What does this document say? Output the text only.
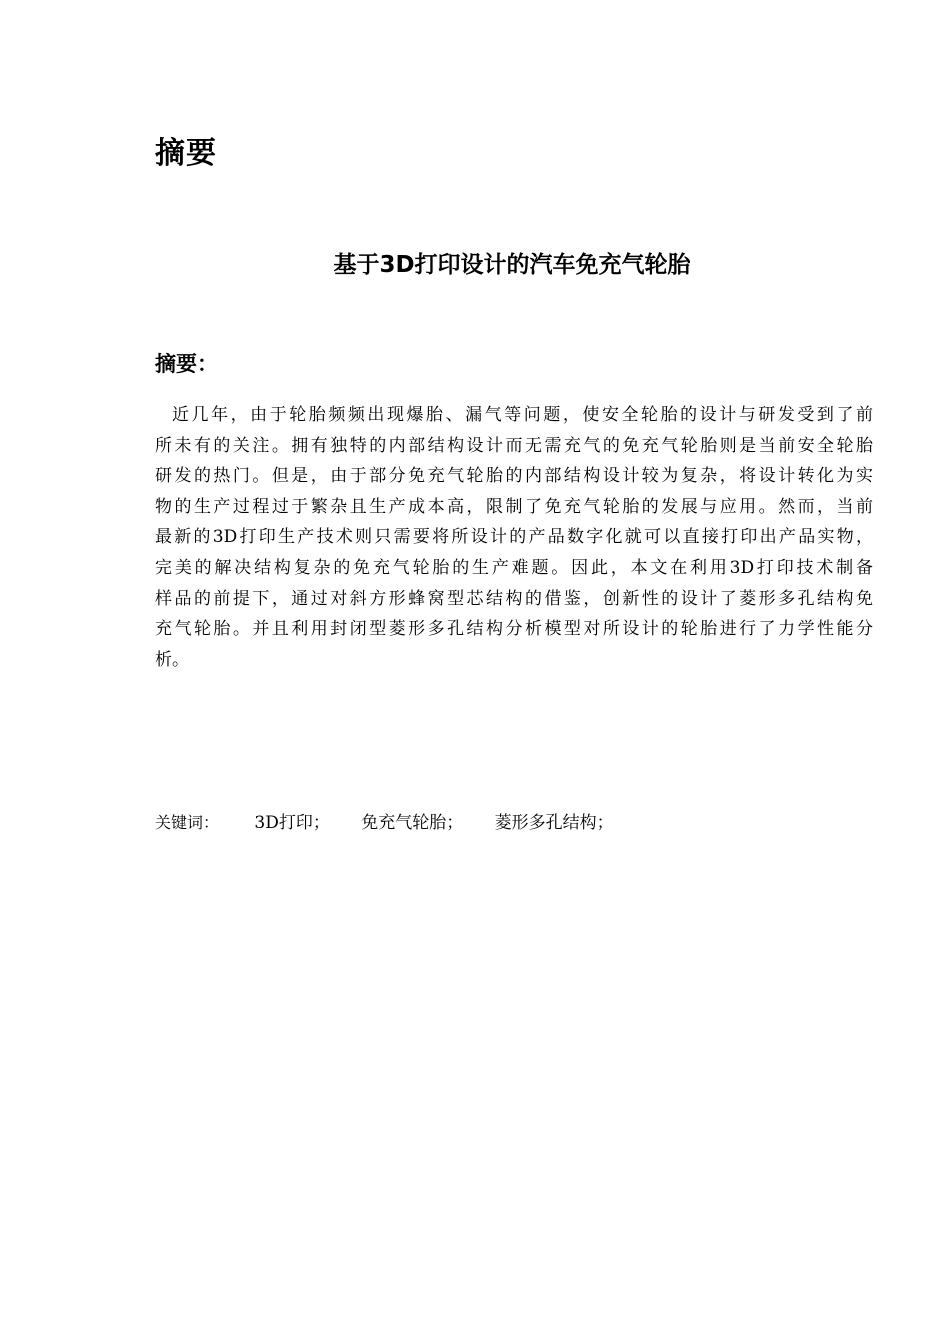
摘要
基于3D打印设计的汽车免充气轮胎
摘要：
近几年，由于轮胎频频出现爆胎、漏气等问题，使安全轮胎的设计与研发受到了前
所未有的关注。拥有独特的内部结构设计而无需充气的免充气轮胎则是当前安全轮胎
研发的热门。但是，由于部分免充气轮胎的内部结构设计较为复杂，将设计转化为实
物的生产过程过于繁杂且生产成本高，限制了免充气轮胎的发展与应用。然而，当前
最新的3D打印生产技术则只需要将所设计的产品数字化就可以直接打印出产品实物，
完美的解决结构复杂的免充气轮胎的生产难题。因此，本文在利用3D打印技术制备
样品的前提下，通过对斜方形蜂窝型芯结构的借鉴，创新性的设计了菱形多孔结构免
充气轮胎。并且利用封闭型菱形多孔结构分析模型对所设计的轮胎进行了力学性能分
析。
关键词： 3D打印； 免充气轮胎； 菱形多孔结构；
